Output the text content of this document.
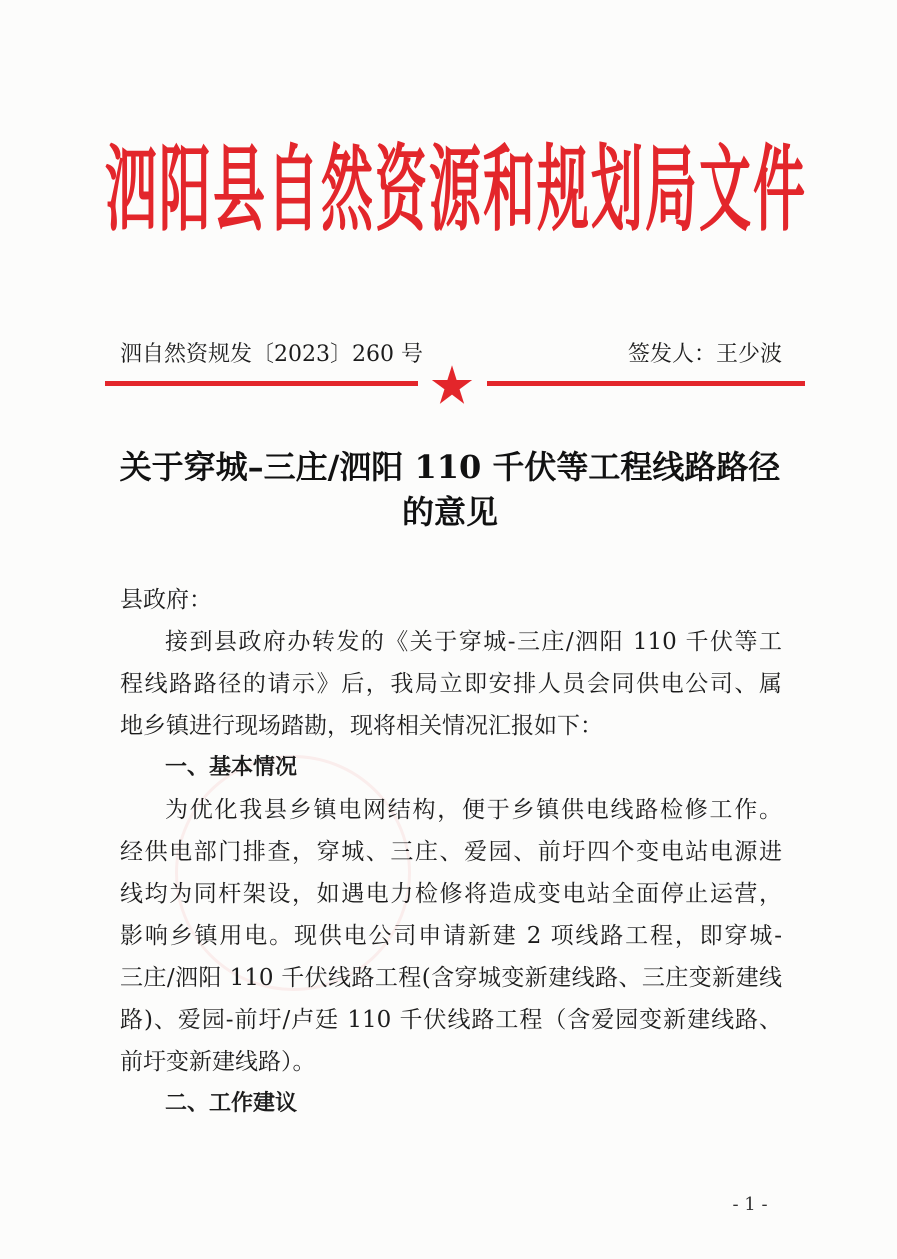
泗阳县自然资源和规划局文件
泗自然资规发〔2023〕260 号	签发人：王少波
关于穿城–三庄/泗阳 110 千伏等工程线路路径
的意见
县政府：
接到县政府办转发的《关于穿城-三庄/泗阳 110 千伏等工
程线路路径的请示》后，我局立即安排人员会同供电公司、属
地乡镇进行现场踏勘，现将相关情况汇报如下：
一、基本情况
为优化我县乡镇电网结构，便于乡镇供电线路检修工作。
经供电部门排查，穿城、三庄、爱园、前圩四个变电站电源进
线均为同杆架设，如遇电力检修将造成变电站全面停止运营，
影响乡镇用电。现供电公司申请新建 2 项线路工程，即穿城-
三庄/泗阳 110 千伏线路工程(含穿城变新建线路、三庄变新建线
路)、爱园-前圩/卢廷 110 千伏线路工程（含爱园变新建线路、
前圩变新建线路）。
二、工作建议
- 1 -
